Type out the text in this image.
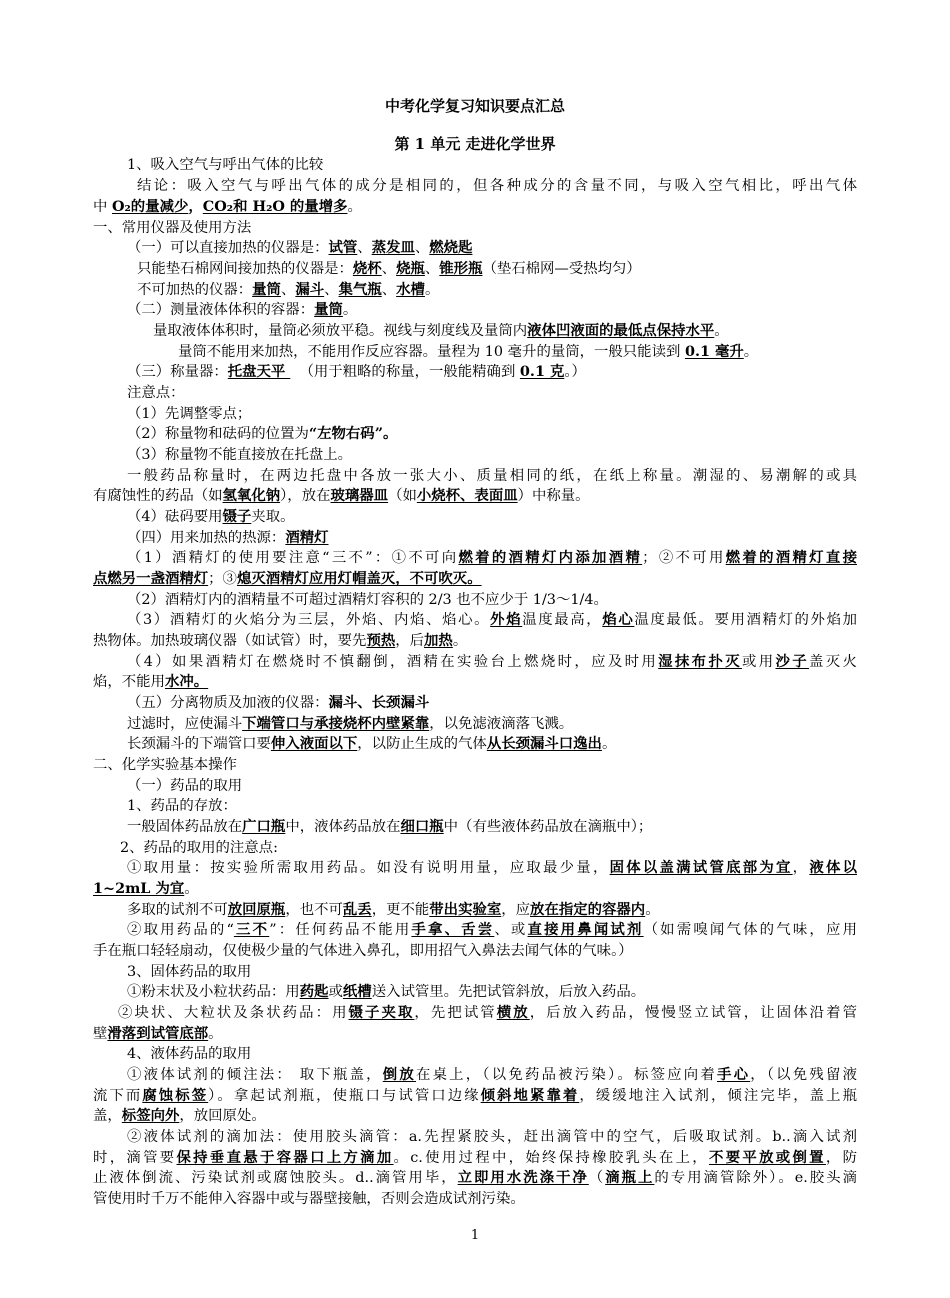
中考化学复习知识要点汇总
第 1 单元 走进化学世界
1、吸入空气与呼出气体的比较
结论：吸入空气与呼出气体的成分是相同的，但各种成分的含量不同，与吸入空气相比，呼出气体
中 O₂的量减少，CO₂和 H₂O 的量增多。
一、常用仪器及使用方法
（一）可以直接加热的仪器是：试管、蒸发皿、燃烧匙
只能垫石棉网间接加热的仪器是：烧杯、烧瓶、锥形瓶（垫石棉网—受热均匀）
不可加热的仪器：量筒、漏斗、集气瓶、水槽。
（二）测量液体体积的容器：量筒。
量取液体体积时，量筒必须放平稳。视线与刻度线及量筒内液体凹液面的最低点保持水平。
量筒不能用来加热，不能用作反应容器。量程为 10 毫升的量筒，一般只能读到 0.1 毫升。
（三）称量器：托盘天平   （用于粗略的称量，一般能精确到 0.1 克。）
注意点：
（1）先调整零点；
（2）称量物和砝码的位置为“左物右码”。
（3）称量物不能直接放在托盘上。
一般药品称量时，在两边托盘中各放一张大小、质量相同的纸，在纸上称量。潮湿的、易潮解的或具
有腐蚀性的药品（如氢氧化钠），放在玻璃器皿（如小烧杯、表面皿）中称量。
（4）砝码要用镊子夹取。
（四）用来加热的热源：酒精灯
（1）酒精灯的使用要注意“三不”：①不可向燃着的酒精灯内添加酒精；②不可用燃着的酒精灯直接
点燃另一盏酒精灯；③熄灭酒精灯应用灯帽盖灭，不可吹灭。
（2）酒精灯内的酒精量不可超过酒精灯容积的 2/3 也不应少于 1/3～1/4。
（3）酒精灯的火焰分为三层，外焰、内焰、焰心。外焰温度最高，焰心温度最低。要用酒精灯的外焰加
热物体。加热玻璃仪器（如试管）时，要先预热，后加热。
（4）如果酒精灯在燃烧时不慎翻倒，酒精在实验台上燃烧时，应及时用湿抹布扑灭或用沙子盖灭火
焰，不能用水冲。
（五）分离物质及加液的仪器：漏斗、长颈漏斗
过滤时，应使漏斗下端管口与承接烧杯内壁紧靠，以免滤液滴落飞溅。
长颈漏斗的下端管口要伸入液面以下，以防止生成的气体从长颈漏斗口逸出。
二、化学实验基本操作
（一）药品的取用
1、药品的存放：
一般固体药品放在广口瓶中，液体药品放在细口瓶中（有些液体药品放在滴瓶中）；
2、药品的取用的注意点:
①取用量：按实验所需取用药品。如没有说明用量，应取最少量，固体以盖满试管底部为宜，液体以
1~2mL 为宜。
多取的试剂不可放回原瓶，也不可乱丢，更不能带出实验室，应放在指定的容器内。
②取用药品的“三不”：任何药品不能用手拿、舌尝、或直接用鼻闻试剂（如需嗅闻气体的气味，应用
手在瓶口轻轻扇动，仅使极少量的气体进入鼻孔，即用招气入鼻法去闻气体的气味。）
3、固体药品的取用
①粉末状及小粒状药品：用药匙或纸槽送入试管里。先把试管斜放，后放入药品。
②块状、大粒状及条状药品：用镊子夹取，先把试管横放，后放入药品，慢慢竖立试管，让固体沿着管
壁滑落到试管底部。
4、液体药品的取用
①液体试剂的倾注法： 取下瓶盖，倒放在桌上，（以免药品被污染）。标签应向着手心，（以免残留液
流下而腐蚀标签）。拿起试剂瓶，使瓶口与试管口边缘倾斜地紧靠着，缓缓地注入试剂，倾注完毕，盖上瓶
盖，标签向外，放回原处。
②液体试剂的滴加法：使用胶头滴管：a.先捏紧胶头，赶出滴管中的空气，后吸取试剂。b..滴入试剂
时，滴管要保持垂直悬于容器口上方滴加。c.使用过程中，始终保持橡胶乳头在上，不要平放或倒置，防
止液体倒流、污染试剂或腐蚀胶头。d..滴管用毕，立即用水洗涤干净（滴瓶上的专用滴管除外）。e.胶头滴
管使用时千万不能伸入容器中或与器壁接触，否则会造成试剂污染。
1
